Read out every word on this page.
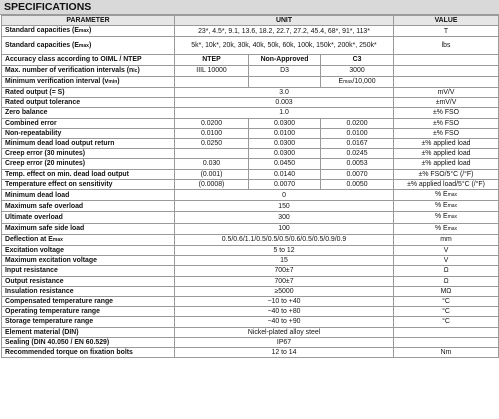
SPECIFICATIONS
PARAMETER	UNIT			VALUE
Standard capacities (Emax)	23*, 4.5*, 9.1, 13.6, 18.2, 22.7, 27.2, 45.4, 68*, 91*, 113*			T
Standard capacities (Emax)	5k*, 10k*, 20k, 30k, 40k, 50k, 60k, 100k, 150k*, 200k*, 250k*			lbs
Accuracy class according to OIML / NTEP	NTEP	Non-Approved	C3	
Max. number of verification intervals (nlc)	IIIL 10000	D3	3000	
Minimum verification interval (vmin)			Emax/10,000	
Rated output (= S)	3.0			mV/V
Rated output tolerance	0.003			±mV/V
Zero balance	1.0			±% FSO
Combined error	0.0200	0.0300	0.0200	±% FSO
Non-repeatability	0.0100	0.0100	0.0100	±% FSO
Minimum dead load output return	0.0250	0.0300	0.0167	±% applied load
Creep error (30 minutes)		0.0300	0.0245	±% applied load
Creep error (20 minutes)	0.030	0.0450	0.0053	±% applied load
Temp. effect on min. dead load output	(0.001)	0.0140	0.0070	±% FSO/5°C (/°F)
Temperature effect on sensitivity	(0.0008)	0.0070	0.0050	±% applied load/5°C (/°F)
Minimum dead load	0			% Emax
Maximum safe overload	150			% Emax
Ultimate overload	300			% Emax
Maximum safe side load	100			% Emax
Deflection at Emax	0.5/0.6/1.1/0.5/0.5/0.5/0.6/0.5/0.5/0.9/0.9			mm
Excitation voltage	5 to 12			V
Maximum excitation voltage	15			V
Input resistance	700±7			Ω
Output resistance	700±7			Ω
Insulation resistance	≥5000			MΩ
Compensated temperature range	−10 to +40			°C
Operating temperature range	−40 to +80			°C
Storage temperature range	−40 to +90			°C
Element material (DIN)	Nickel-plated alloy steel			
Sealing (DIN 40.050 / EN 60.529)	IP67			
Recommended torque on fixation bolts	12 to 14			Nm
